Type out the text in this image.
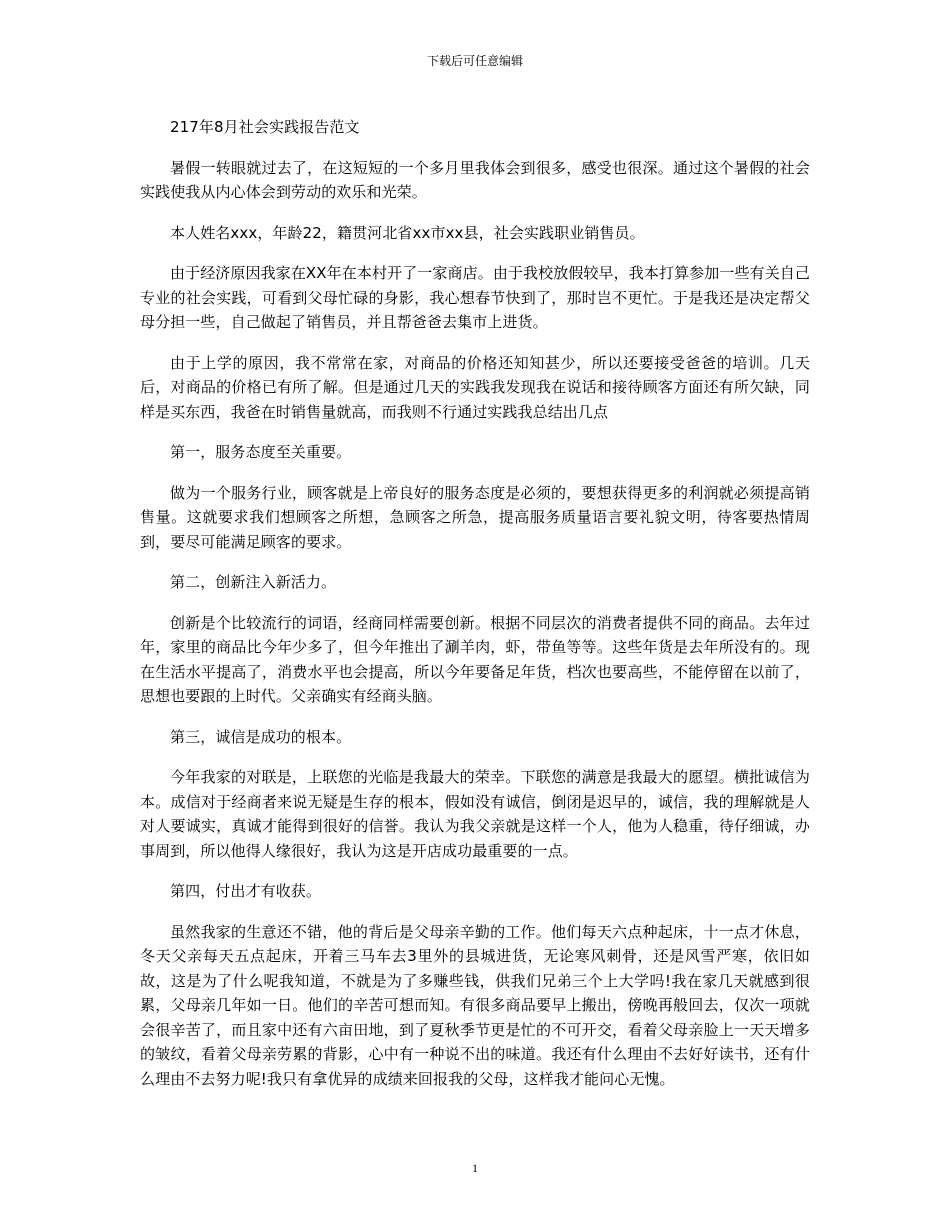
下载后可任意编辑

217年8月社会实践报告范文

暑假一转眼就过去了，在这短短的一个多月里我体会到很多，感受也很深。通过这个暑假的社会实践使我从内心体会到劳动的欢乐和光荣。

本人姓名xxx，年龄22，籍贯河北省xx市xx县，社会实践职业销售员。

由于经济原因我家在XX年在本村开了一家商店。由于我校放假较早，我本打算参加一些有关自己专业的社会实践，可看到父母忙碌的身影，我心想春节快到了，那时岂不更忙。于是我还是决定帮父母分担一些，自己做起了销售员，并且帮爸爸去集市上进货。

由于上学的原因，我不常常在家，对商品的价格还知知甚少，所以还要接受爸爸的培训。几天后，对商品的价格已有所了解。但是通过几天的实践我发现我在说话和接待顾客方面还有所欠缺，同样是买东西，我爸在时销售量就高，而我则不行通过实践我总结出几点

第一，服务态度至关重要。

做为一个服务行业，顾客就是上帝良好的服务态度是必须的，要想获得更多的利润就必须提高销售量。这就要求我们想顾客之所想，急顾客之所急，提高服务质量语言要礼貌文明，待客要热情周到，要尽可能满足顾客的要求。

第二，创新注入新活力。

创新是个比较流行的词语，经商同样需要创新。根据不同层次的消费者提供不同的商品。去年过年，家里的商品比今年少多了，但今年推出了涮羊肉，虾，带鱼等等。这些年货是去年所没有的。现在生活水平提高了，消费水平也会提高，所以今年要备足年货，档次也要高些，不能停留在以前了，思想也要跟的上时代。父亲确实有经商头脑。

第三，诚信是成功的根本。

今年我家的对联是，上联您的光临是我最大的荣幸。下联您的满意是我最大的愿望。横批诚信为本。成信对于经商者来说无疑是生存的根本，假如没有诚信，倒闭是迟早的，诚信，我的理解就是人对人要诚实，真诚才能得到很好的信誉。我认为我父亲就是这样一个人，他为人稳重，待仔细诚，办事周到，所以他得人缘很好，我认为这是开店成功最重要的一点。

第四，付出才有收获。

虽然我家的生意还不错，他的背后是父母亲辛勤的工作。他们每天六点种起床，十一点才休息，冬天父亲每天五点起床，开着三马车去3里外的县城进货，无论寒风刺骨，还是风雪严寒，依旧如故，这是为了什么呢我知道，不就是为了多赚些钱，供我们兄弟三个上大学吗!我在家几天就感到很累，父母亲几年如一日。他们的辛苦可想而知。有很多商品要早上搬出，傍晚再般回去，仅次一项就会很辛苦了，而且家中还有六亩田地，到了夏秋季节更是忙的不可开交，看着父母亲脸上一天天增多的皱纹，看着父母亲劳累的背影，心中有一种说不出的味道。我还有什么理由不去好好读书，还有什么理由不去努力呢!我只有拿优异的成绩来回报我的父母，这样我才能问心无愧。

1
